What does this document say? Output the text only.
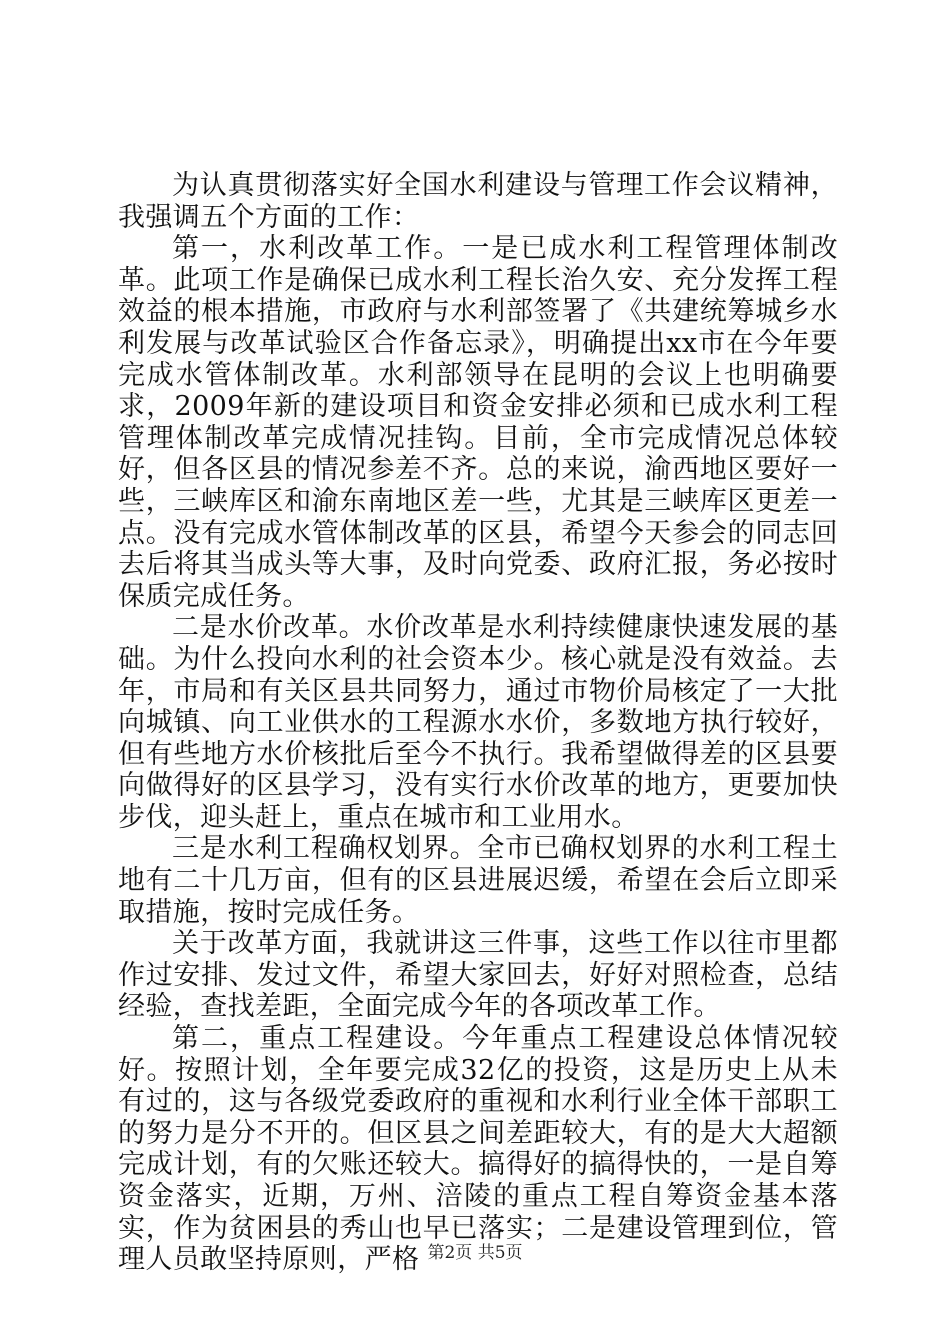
为认真贯彻落实好全国水利建设与管理工作会议精神，我强调五个方面的工作：

第一，水利改革工作。一是已成水利工程管理体制改革。此项工作是确保已成水利工程长治久安、充分发挥工程效益的根本措施，市政府与水利部签署了《共建统筹城乡水利发展与改革试验区合作备忘录》，明确提出xx市在今年要完成水管体制改革。水利部领导在昆明的会议上也明确要求，2009年新的建设项目和资金安排必须和已成水利工程管理体制改革完成情况挂钩。目前，全市完成情况总体较好，但各区县的情况参差不齐。总的来说，渝西地区要好一些，三峡库区和渝东南地区差一些，尤其是三峡库区更差一点。没有完成水管体制改革的区县，希望今天参会的同志回去后将其当成头等大事，及时向党委、政府汇报，务必按时保质完成任务。

二是水价改革。水价改革是水利持续健康快速发展的基础。为什么投向水利的社会资本少。核心就是没有效益。去年，市局和有关区县共同努力，通过市物价局核定了一大批向城镇、向工业供水的工程源水水价，多数地方执行较好，但有些地方水价核批后至今不执行。我希望做得差的区县要向做得好的区县学习，没有实行水价改革的地方，更要加快步伐，迎头赶上，重点在城市和工业用水。

三是水利工程确权划界。全市已确权划界的水利工程土地有二十几万亩，但有的区县进展迟缓，希望在会后立即采取措施，按时完成任务。

关于改革方面，我就讲这三件事，这些工作以往市里都作过安排、发过文件，希望大家回去，好好对照检查，总结经验，查找差距，全面完成今年的各项改革工作。

第二，重点工程建设。今年重点工程建设总体情况较好。按照计划，全年要完成32亿的投资，这是历史上从未有过的，这与各级党委政府的重视和水利行业全体干部职工的努力是分不开的。但区县之间差距较大，有的是大大超额完成计划，有的欠账还较大。搞得好的搞得快的，一是自筹资金落实，近期，万州、涪陵的重点工程自筹资金基本落实，作为贫困县的秀山也早已落实；二是建设管理到位，管理人员敢坚持原则，严格 第2页 共5页
